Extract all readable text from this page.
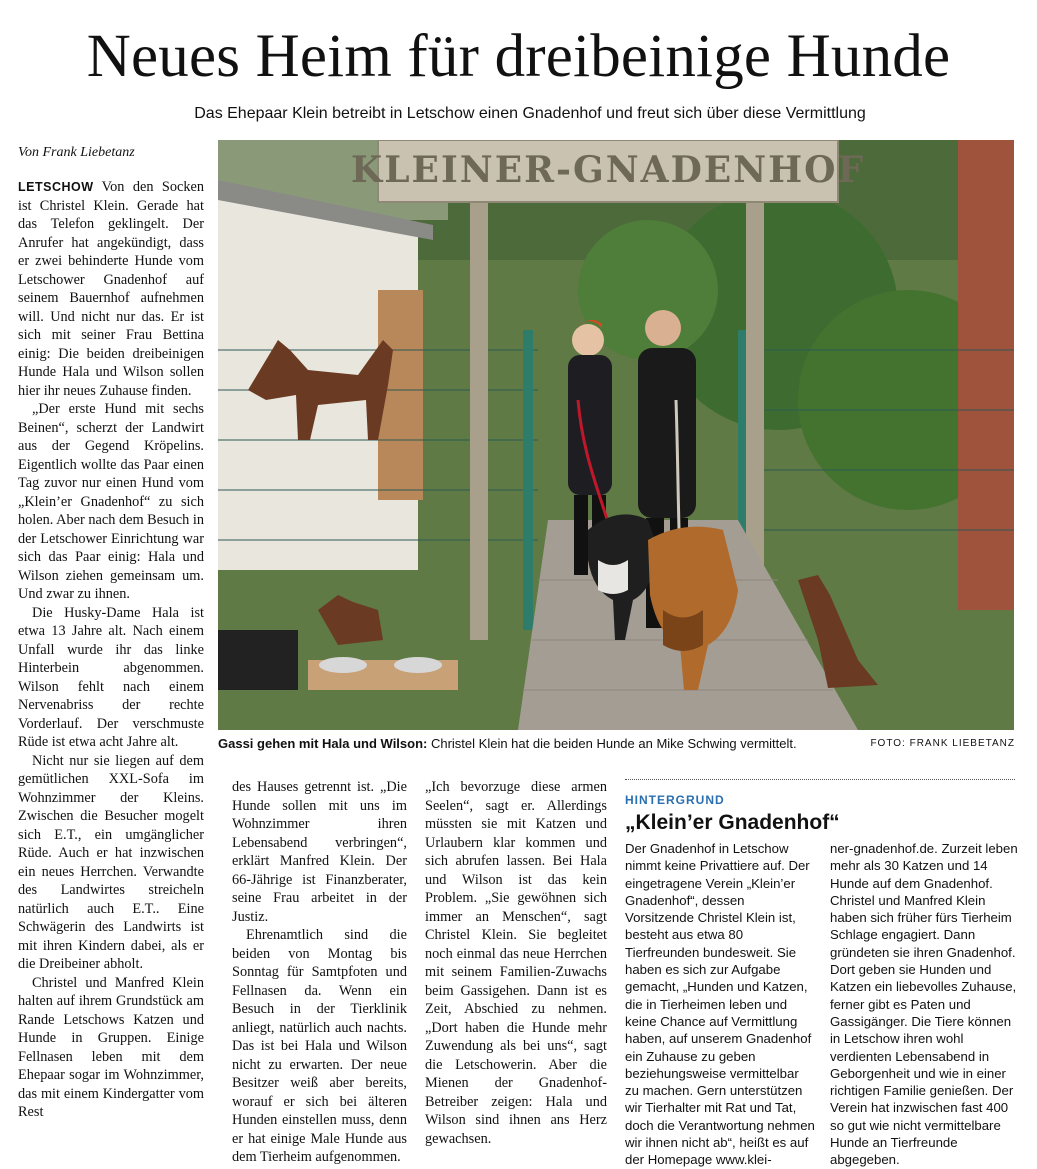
Neues Heim für dreibeinige Hunde
Das Ehepaar Klein betreibt in Letschow einen Gnadenhof und freut sich über diese Vermittlung
Von Frank Liebetanz

LETSCHOW Von den Socken ist Christel Klein. Gerade hat das Telefon geklingelt. Der Anrufer hat angekündigt, dass er zwei behinderte Hunde vom Letschower Gnadenhof auf seinem Bauernhof aufnehmen will. Und nicht nur das. Er ist sich mit seiner Frau Bettina einig: Die beiden dreibeinigen Hunde Hala und Wilson sollen hier ihr neues Zuhause finden.

„Der erste Hund mit sechs Beinen“, scherzt der Landwirt aus der Gegend Kröpelins. Eigentlich wollte das Paar einen Tag zuvor nur einen Hund vom „Klein’er Gnadenhof“ zu sich holen. Aber nach dem Besuch in der Letschower Einrichtung war sich das Paar einig: Hala und Wilson ziehen gemeinsam um. Und zwar zu ihnen.

Die Husky-Dame Hala ist etwa 13 Jahre alt. Nach einem Unfall wurde ihr das linke Hinterbein abgenommen. Wilson fehlt nach einem Nervenabriss der rechte Vorderlauf. Der verschmuste Rüde ist etwa acht Jahre alt.

Nicht nur sie liegen auf dem gemütlichen XXL-Sofa im Wohnzimmer der Kleins. Zwischen die Besucher mogelt sich E.T., ein umgänglicher Rüde. Auch er hat inzwischen ein neues Herrchen. Verwandte des Landwirtes streicheln natürlich auch E.T.. Eine Schwägerin des Landwirts ist mit ihren Kindern dabei, als er die Dreibeiner abholt.

Christel und Manfred Klein halten auf ihrem Grundstück am Rande Letschows Katzen und Hunde in Gruppen. Einige Fellnasen leben mit dem Ehepaar sogar im Wohnzimmer, das mit einem Kindergatter vom Rest

KLEINER-GNADENHOF
Gassi gehen mit Hala und Wilson: Christel Klein hat die beiden Hunde an Mike Schwing vermittelt.	FOTO: FRANK LIEBETANZ

des Hauses getrennt ist. „Die Hunde sollen mit uns im Wohnzimmer ihren Lebensabend verbringen“, erklärt Manfred Klein. Der 66-Jährige ist Finanzberater, seine Frau arbeitet in der Justiz.

Ehrenamtlich sind die beiden von Montag bis Sonntag für Samtpfoten und Fellnasen da. Wenn ein Besuch in der Tierklinik anliegt, natürlich auch nachts. Das ist bei Hala und Wilson nicht zu erwarten. Der neue Besitzer weiß aber bereits, worauf er sich bei älteren Hunden einstellen muss, denn er hat einige Male Hunde aus dem Tierheim aufgenommen.

„Ich bevorzuge diese armen Seelen“, sagt er. Allerdings müssten sie mit Katzen und Urlaubern klar kommen und sich abrufen lassen. Bei Hala und Wilson ist das kein Problem. „Sie gewöhnen sich immer an Menschen“, sagt Christel Klein. Sie begleitet noch einmal das neue Herrchen mit seinem Familien-Zuwachs beim Gassigehen. Dann ist es Zeit, Abschied zu nehmen. „Dort haben die Hunde mehr Zuwendung als bei uns“, sagt die Letschowerin. Aber die Mienen der Gnadenhof-Betreiber zeigen: Hala und Wilson sind ihnen ans Herz gewachsen.

HINTERGRUND
„Klein’er Gnadenhof“
Der Gnadenhof in Letschow nimmt keine Privattiere auf. Der eingetragene Verein „Klein’er Gnadenhof“, dessen Vorsitzende Christel Klein ist, besteht aus etwa 80 Tierfreunden bundesweit. Sie haben es sich zur Aufgabe gemacht, „Hunden und Katzen, die in Tierheimen leben und keine Chance auf Vermittlung haben, auf unserem Gnadenhof ein Zuhause zu geben beziehungsweise vermittelbar zu machen. Gern unterstützen wir Tierhalter mit Rat und Tat, doch die Verantwortung nehmen wir ihnen nicht ab“, heißt es auf der Homepage www.klei-
ner-gnadenhof.de. Zurzeit leben mehr als 30 Katzen und 14 Hunde auf dem Gnadenhof. Christel und Manfred Klein haben sich früher fürs Tierheim Schlage engagiert. Dann gründeten sie ihren Gnadenhof. Dort geben sie Hunden und Katzen ein liebevolles Zuhause, ferner gibt es Paten und Gassigänger. Die Tiere können in Letschow ihren wohl verdienten Lebensabend in Geborgenheit und wie in einer richtigen Familie genießen. Der Verein hat inzwischen fast 400 so gut wie nicht vermittelbare Hunde an Tierfreunde abgegeben.
